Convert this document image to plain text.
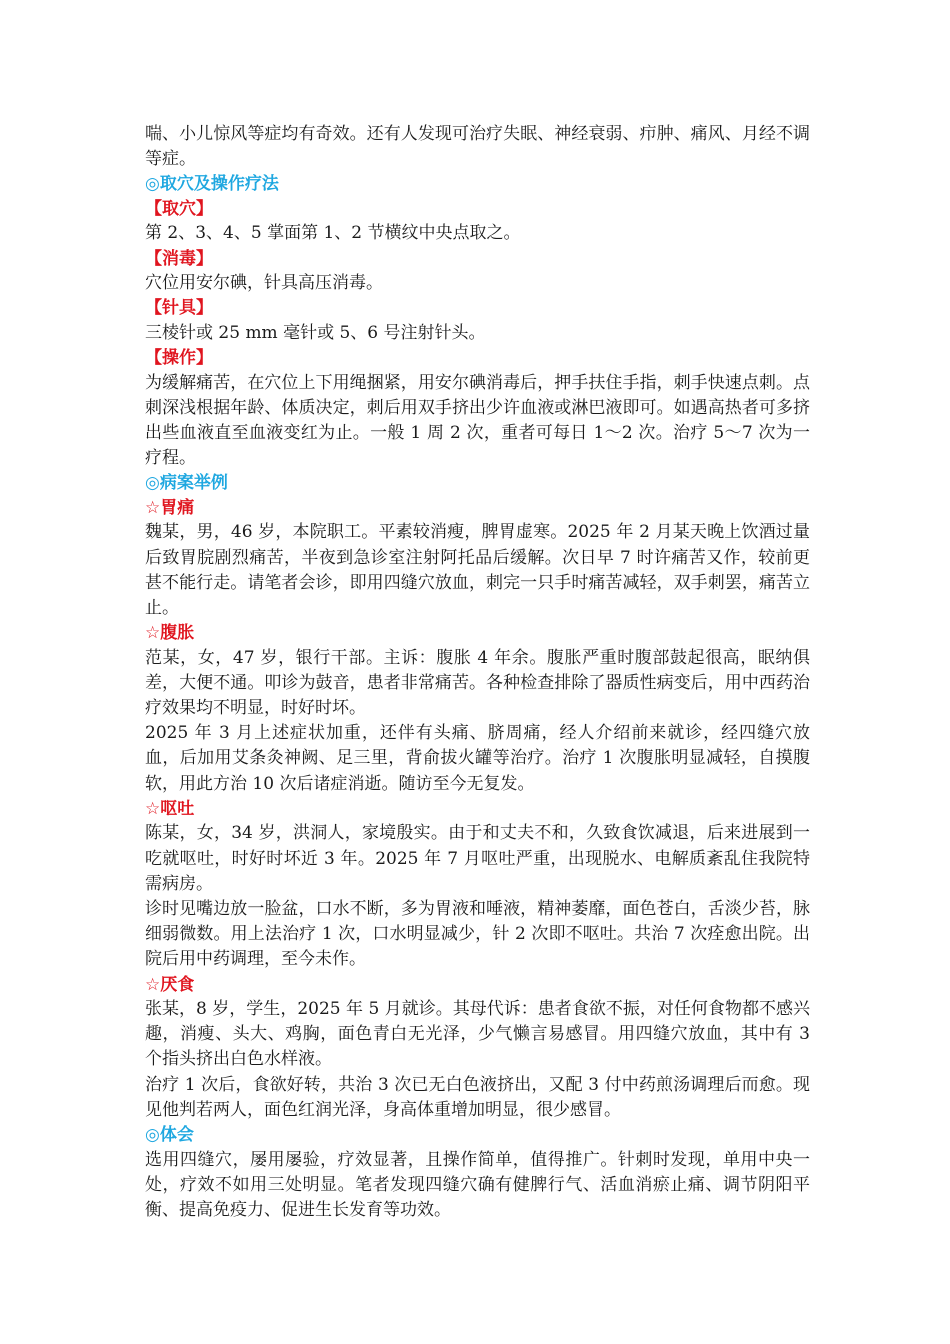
喘、小儿惊风等症均有奇效。还有人发现可治疗失眠、神经衰弱、疖肿、痛风、月经不调等症。

◎取穴及操作疗法
【取穴】

第 2、3、4、5 掌面第 1、2 节横纹中央点取之。

【消毒】

穴位用安尔碘，针具高压消毒。

【针具】

三棱针或 25 mm 毫针或 5、6 号注射针头。

【操作】

为缓解痛苦，在穴位上下用绳捆紧，用安尔碘消毒后，押手扶住手指，刺手快速点刺。点刺深浅根据年龄、体质决定，刺后用双手挤出少许血液或淋巴液即可。如遇高热者可多挤出些血液直至血液变红为止。一般 1 周 2 次，重者可每日 1～2 次。治疗 5～7 次为一疗程。

◎病案举例
☆胃痛

魏某，男，46 岁，本院职工。平素较消瘦，脾胃虚寒。2025 年 2 月某天晚上饮酒过量后致胃脘剧烈痛苦，半夜到急诊室注射阿托品后缓解。次日早 7 时许痛苦又作，较前更甚不能行走。请笔者会诊，即用四缝穴放血，刺完一只手时痛苦减轻，双手刺罢，痛苦立止。

☆腹胀

范某，女，47 岁，银行干部。主诉：腹胀 4 年余。腹胀严重时腹部鼓起很高，眠纳俱差，大便不通。叩诊为鼓音，患者非常痛苦。各种检查排除了器质性病变后，用中西药治疗效果均不明显，时好时坏。

2025 年 3 月上述症状加重，还伴有头痛、脐周痛，经人介绍前来就诊，经四缝穴放血，后加用艾条灸神阙、足三里，背俞拔火罐等治疗。治疗 1 次腹胀明显减轻，自摸腹软，用此方治 10 次后诸症消逝。随访至今无复发。

☆呕吐

陈某，女，34 岁，洪洞人，家境殷实。由于和丈夫不和，久致食饮减退，后来进展到一吃就呕吐，时好时坏近 3 年。2025 年 7 月呕吐严重，出现脱水、电解质紊乱住我院特需病房。

诊时见嘴边放一脸盆，口水不断，多为胃液和唾液，精神萎靡，面色苍白，舌淡少苔，脉细弱微数。用上法治疗 1 次，口水明显减少，针 2 次即不呕吐。共治 7 次痊愈出院。出院后用中药调理，至今未作。

☆厌食

张某，8 岁，学生，2025 年 5 月就诊。其母代诉：患者食欲不振，对任何食物都不感兴趣，消瘦、头大、鸡胸，面色青白无光泽，少气懒言易感冒。用四缝穴放血，其中有 3 个指头挤出白色水样液。

治疗 1 次后，食欲好转，共治 3 次已无白色液挤出，又配 3 付中药煎汤调理后而愈。现见他判若两人，面色红润光泽，身高体重增加明显，很少感冒。

◎体会

选用四缝穴，屡用屡验，疗效显著，且操作简单，值得推广。针刺时发现，单用中央一处，疗效不如用三处明显。笔者发现四缝穴确有健脾行气、活血消瘀止痛、调节阴阳平衡、提高免疫力、促进生长发育等功效。
